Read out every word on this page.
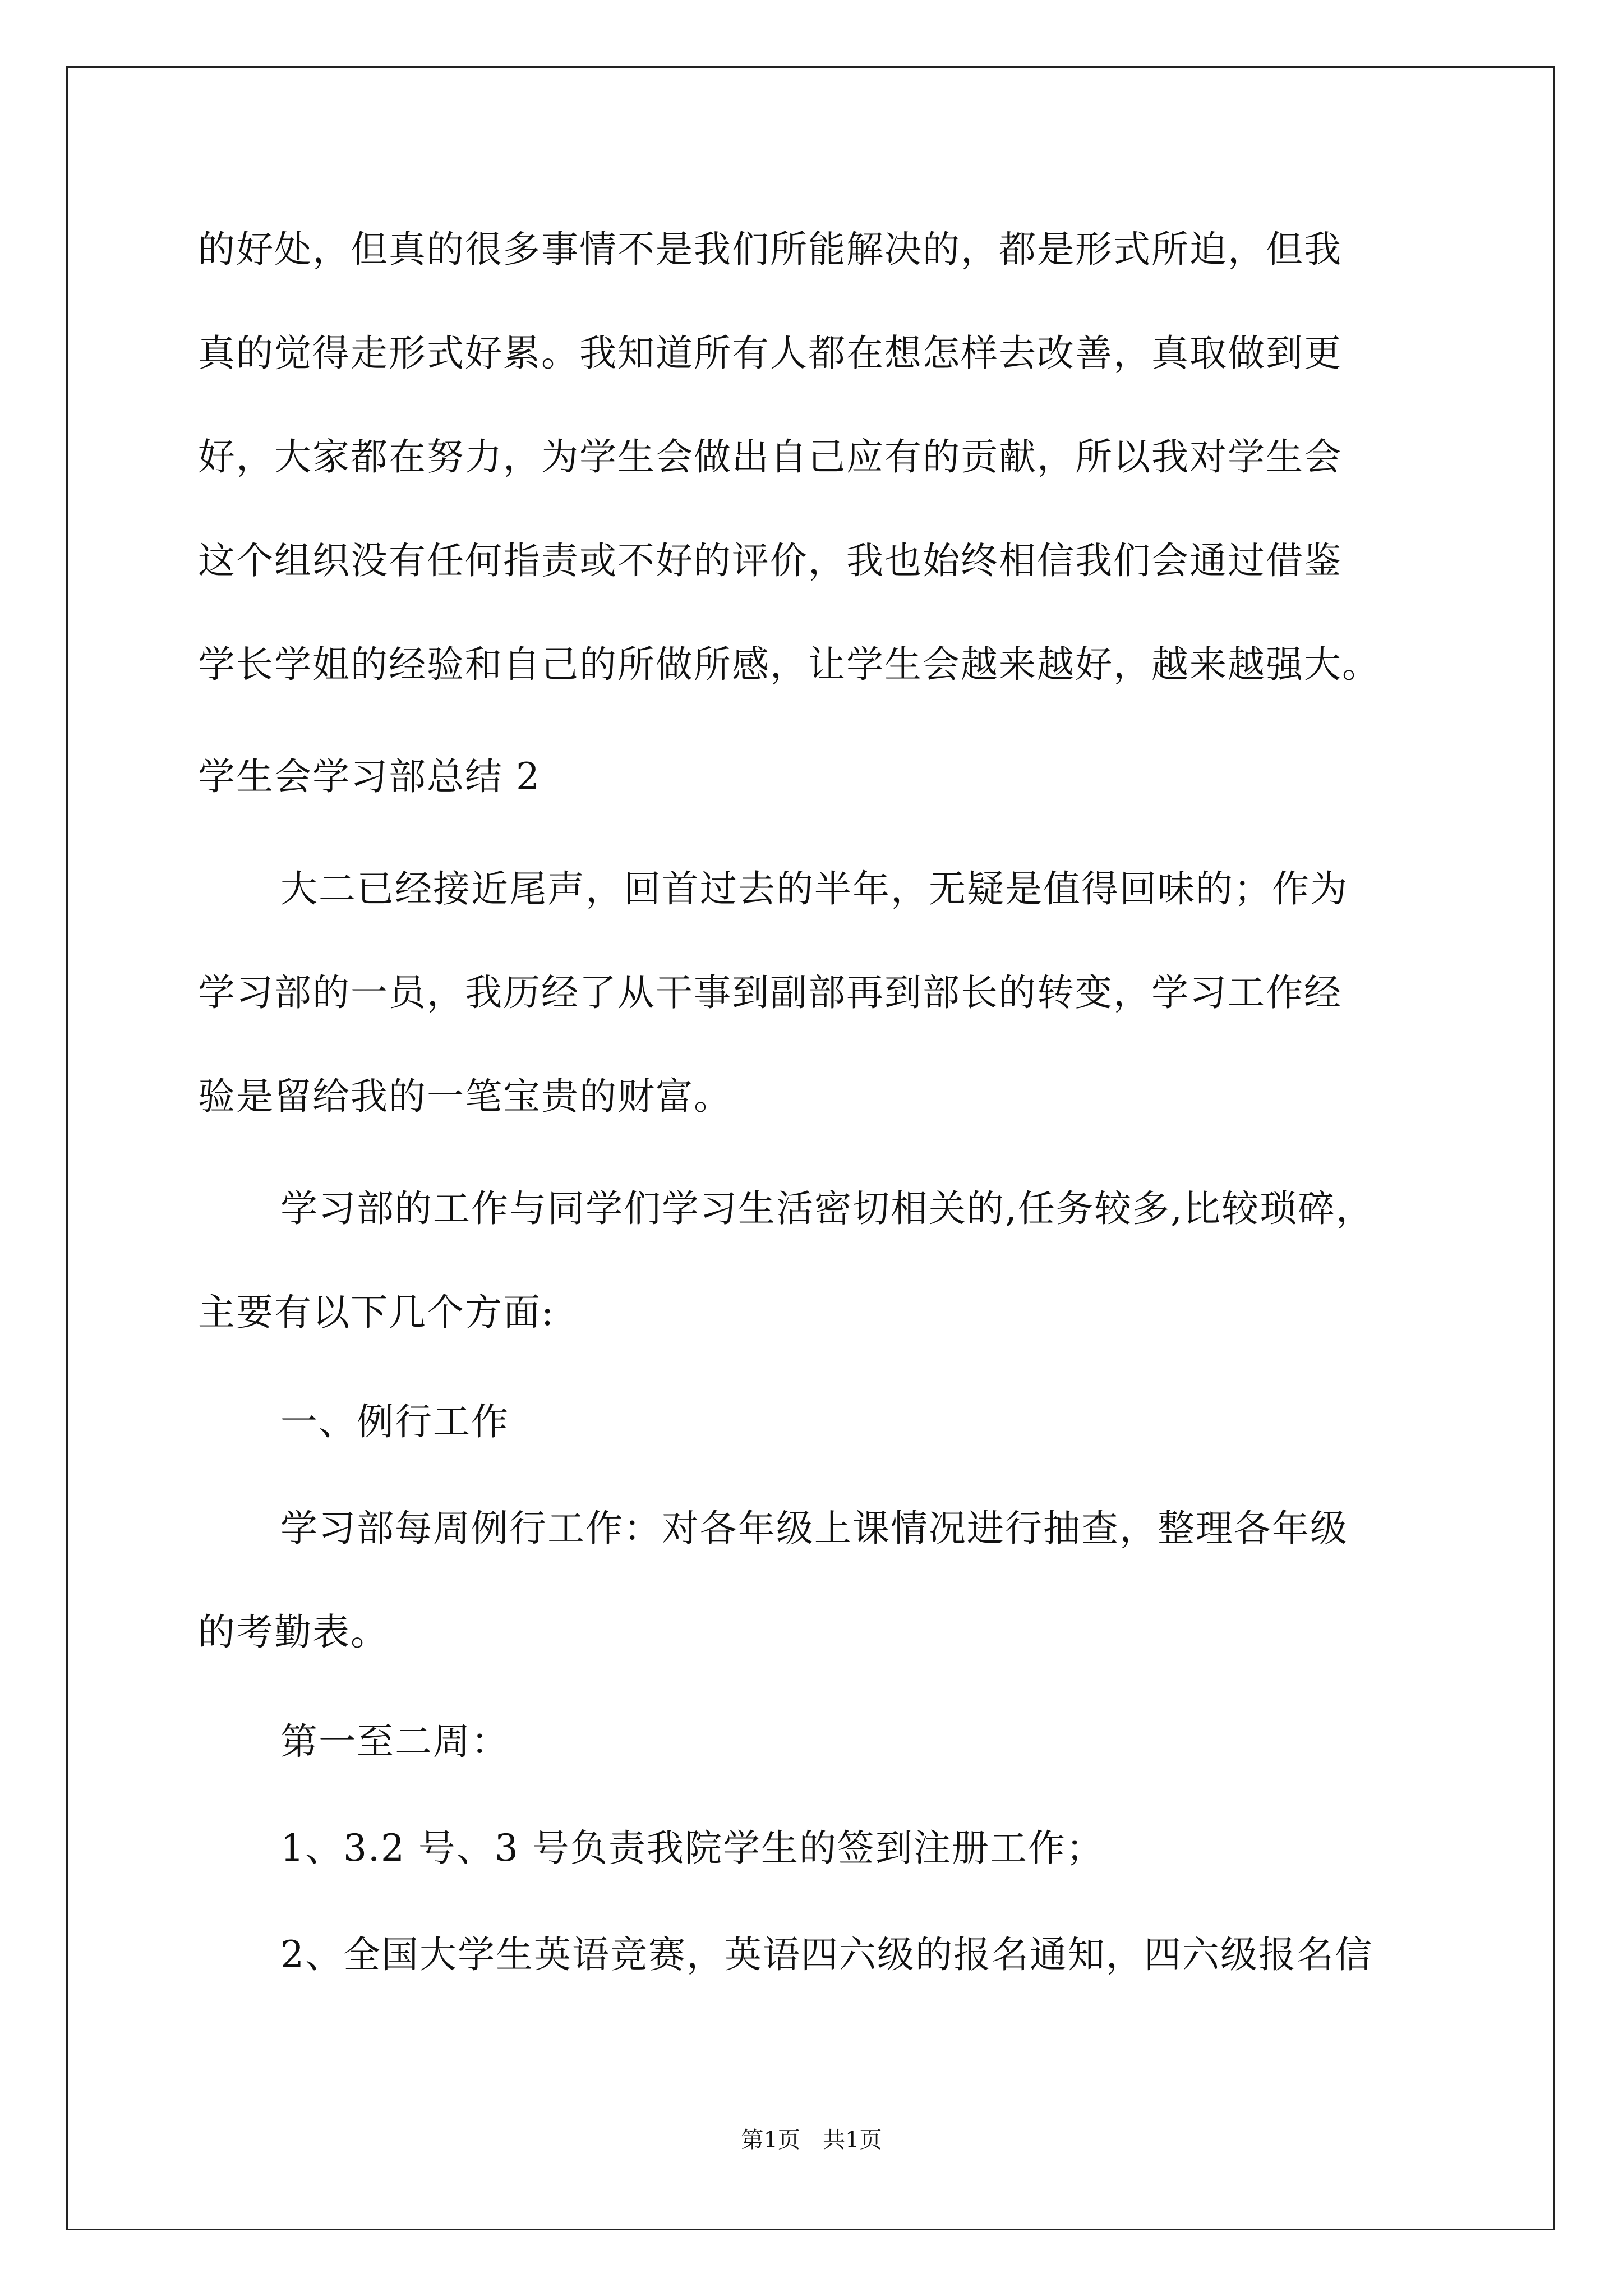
的好处，但真的很多事情不是我们所能解决的，都是形式所迫，但我
真的觉得走形式好累。我知道所有人都在想怎样去改善，真取做到更
好，大家都在努力，为学生会做出自己应有的贡献，所以我对学生会
这个组织没有任何指责或不好的评价，我也始终相信我们会通过借鉴
学长学姐的经验和自己的所做所感，让学生会越来越好，越来越强大。
学生会学习部总结 2
大二已经接近尾声，回首过去的半年，无疑是值得回味的；作为
学习部的一员，我历经了从干事到副部再到部长的转变，学习工作经
验是留给我的一笔宝贵的财富。
学习部的工作与同学们学习生活密切相关的,任务较多,比较琐碎，
主要有以下几个方面:
一、例行工作
学习部每周例行工作：对各年级上课情况进行抽查，整理各年级
的考勤表。
第一至二周：
1、3.2 号、3 号负责我院学生的签到注册工作；
2、全国大学生英语竞赛，英语四六级的报名通知，四六级报名信
第1页　共1页
